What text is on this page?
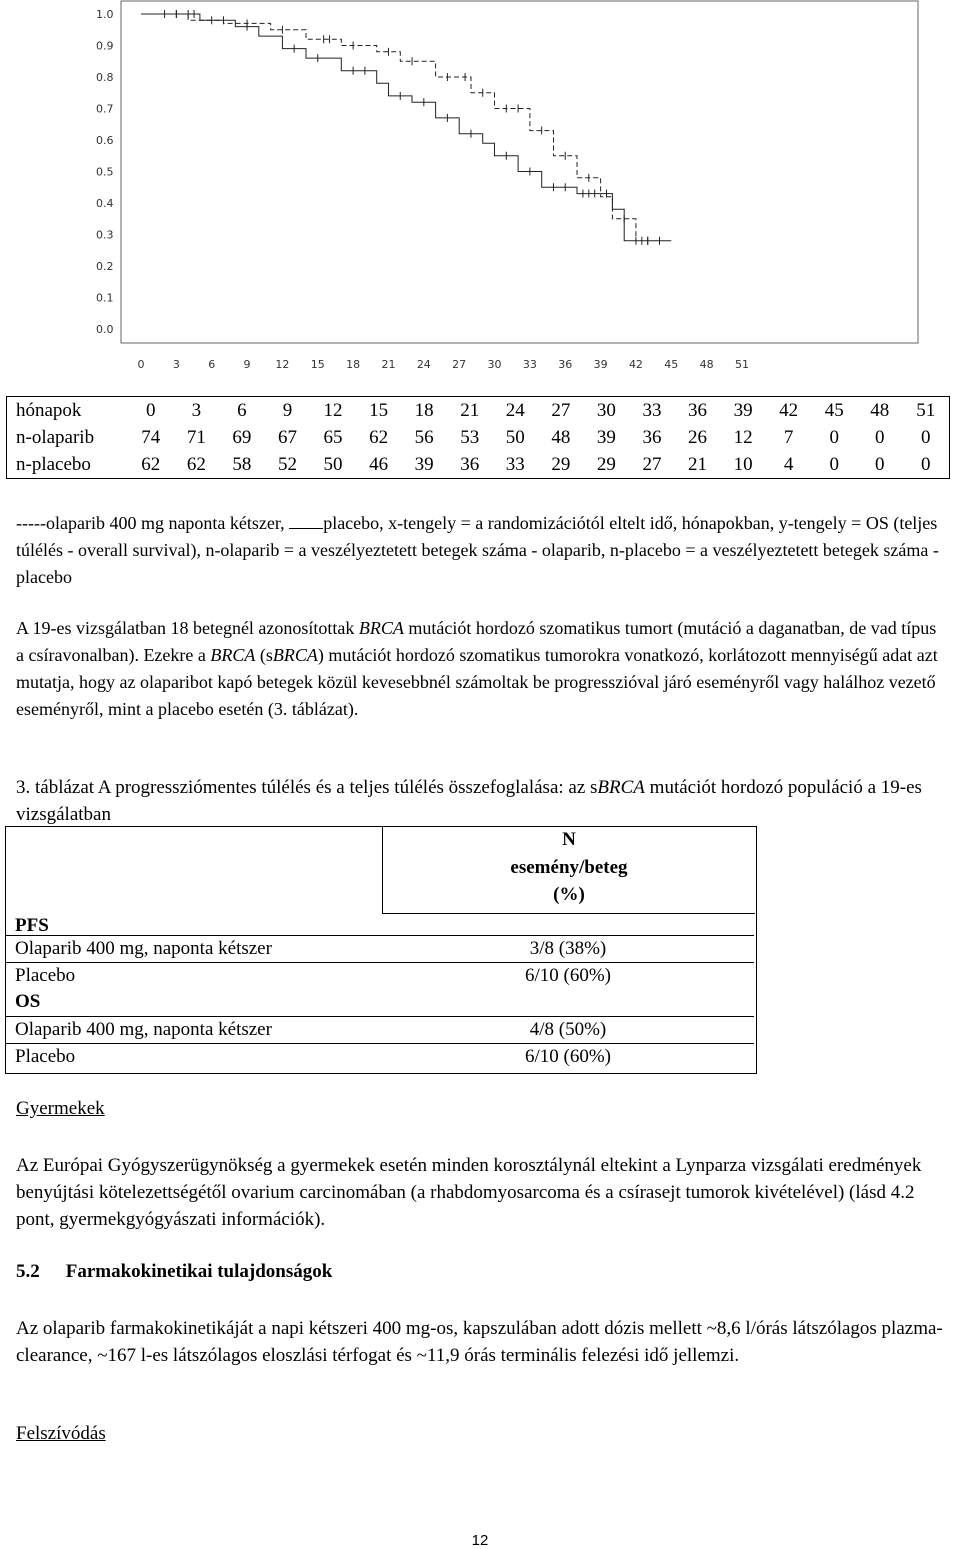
1.0
0.9
0.8
0.7
0.6
0.5
0.4
0.3
0.2
0.1
0.0
0	3	6	9 12 15 18 21 24 27 30 33 36 39 42 45 48 51
hónapok	0	3	6	9	12	15	18	21	24	27	30	33	36	39	42	45	48	51
n-olaparib	74	71	69	67	65	62	56	53	50	48	39	36	26	12	7	0	0	0
n-placebo	62	62	58	52	50	46	39	36	33	29	29	27	21	10	4	0	0	0

-----olaparib 400 mg naponta kétszer, placebo, x-tengely = a randomizációtól eltelt idő, hónapokban, y-tengely = OS (teljes túlélés - overall survival), n-olaparib = a veszélyeztetett betegek száma - olaparib, n-placebo = a veszélyeztetett betegek száma - placebo

A 19-es vizsgálatban 18 betegnél azonosítottak BRCA mutációt hordozó szomatikus tumort (mutáció a daganatban, de vad típus a csíravonalban). Ezekre a BRCA (sBRCA) mutációt hordozó szomatikus tumorokra vonatkozó, korlátozott mennyiségű adat azt mutatja, hogy az olaparibot kapó betegek közül kevesebbnél számoltak be progresszióval járó eseményről vagy halálhoz vezető eseményről, mint a placebo esetén (3. táblázat).

3. táblázat A progressziómentes túlélés és a teljes túlélés összefoglalása: az sBRCA mutációt hordozó populáció a 19-es vizsgálatban

N
esemény/beteg
(%)
PFS
Olaparib 400 mg, naponta kétszer	3/8 (38%)
Placebo	6/10 (60%)
OS
Olaparib 400 mg, naponta kétszer	4/8 (50%)
Placebo	6/10 (60%)
Gyermekek

Az Európai Gyógyszerügynökség a gyermekek esetén minden korosztálynál eltekint a Lynparza vizsgálati eredmények benyújtási kötelezettségétől ovarium carcinomában (a rhabdomyosarcoma és a csírasejt tumorok kivételével) (lásd 4.2 pont, gyermekgyógyászati információk).

5.2 Farmakokinetikai tulajdonságok

Az olaparib farmakokinetikáját a napi kétszeri 400 mg-os, kapszulában adott dózis mellett ~8,6 l/órás látszólagos plazma-clearance, ~167 l-es látszólagos eloszlási térfogat és ~11,9 órás terminális felezési idő jellemzi.

Felszívódás
12
